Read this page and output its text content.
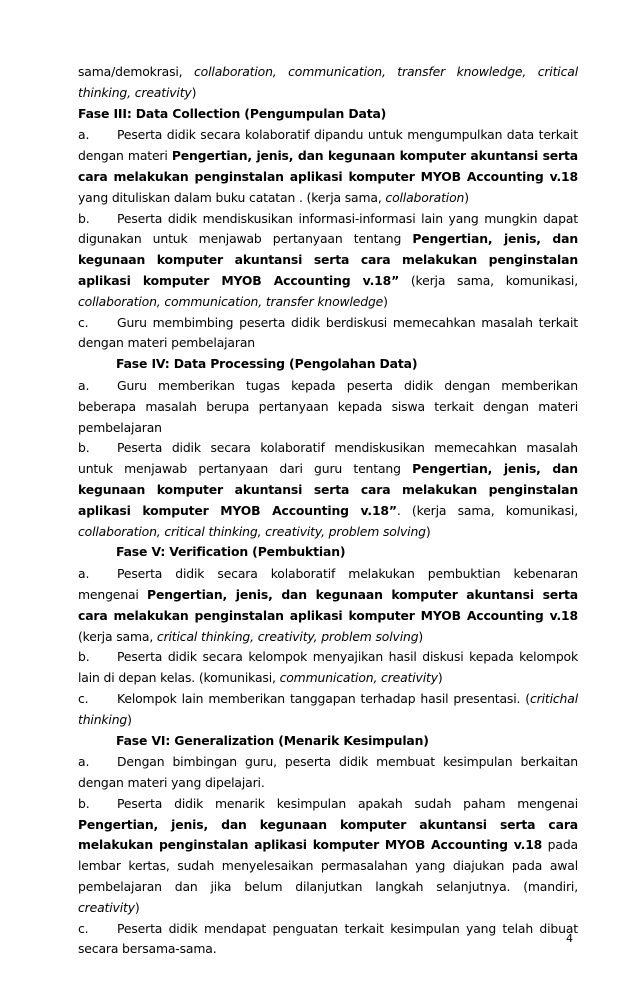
sama/demokrasi, collaboration, communication, transfer knowledge, critical thinking, creativity)

Fase III: Data Collection (Pengumpulan Data)

a. Peserta didik secara kolaboratif dipandu untuk mengumpulkan data terkait dengan materi Pengertian, jenis, dan kegunaan komputer akuntansi serta cara melakukan penginstalan aplikasi komputer MYOB Accounting v.18 yang dituliskan dalam buku catatan . (kerja sama, collaboration)

b. Peserta didik mendiskusikan informasi-informasi lain yang mungkin dapat digunakan untuk menjawab pertanyaan tentang Pengertian, jenis, dan kegunaan komputer akuntansi serta cara melakukan penginstalan aplikasi komputer MYOB Accounting v.18” (kerja sama, komunikasi, collaboration, communication, transfer knowledge)

c. Guru membimbing peserta didik berdiskusi memecahkan masalah terkait dengan materi pembelajaran

Fase IV: Data Processing (Pengolahan Data)

a. Guru memberikan tugas kepada peserta didik dengan memberikan beberapa masalah berupa pertanyaan kepada siswa terkait dengan materi pembelajaran

b. Peserta didik secara kolaboratif mendiskusikan memecahkan masalah untuk menjawab pertanyaan dari guru tentang Pengertian, jenis, dan kegunaan komputer akuntansi serta cara melakukan penginstalan aplikasi komputer MYOB Accounting v.18”. (kerja sama, komunikasi, collaboration, critical thinking, creativity, problem solving)

Fase V: Verification (Pembuktian)

a. Peserta didik secara kolaboratif melakukan pembuktian kebenaran mengenai Pengertian, jenis, dan kegunaan komputer akuntansi serta cara melakukan penginstalan aplikasi komputer MYOB Accounting v.18 (kerja sama, critical thinking, creativity, problem solving)

b. Peserta didik secara kelompok menyajikan hasil diskusi kepada kelompok lain di depan kelas. (komunikasi, communication, creativity)

c. Kelompok lain memberikan tanggapan terhadap hasil presentasi. (critichal thinking)

Fase VI: Generalization (Menarik Kesimpulan)

a. Dengan bimbingan guru, peserta didik membuat kesimpulan berkaitan dengan materi yang dipelajari.

b. Peserta didik menarik kesimpulan apakah sudah paham mengenai Pengertian, jenis, dan kegunaan komputer akuntansi serta cara melakukan penginstalan aplikasi komputer MYOB Accounting v.18 pada lembar kertas, sudah menyelesaikan permasalahan yang diajukan pada awal pembelajaran dan jika belum dilanjutkan langkah selanjutnya. (mandiri, creativity)

c. Peserta didik mendapat penguatan terkait kesimpulan yang telah dibuat secara bersama-sama.

4
